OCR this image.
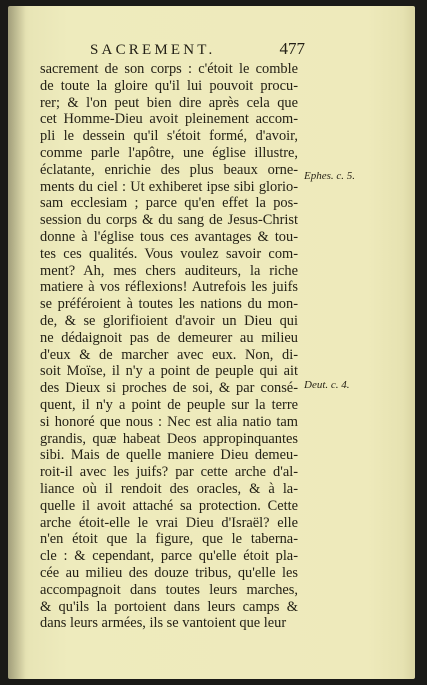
SACREMENT.	477
sacrement de son corps : c'étoit le comble
de toute la gloire qu'il lui pouvoit procu-
rer; & l'on peut bien dire après cela que
cet Homme-Dieu avoit pleinement accom-
pli le dessein qu'il s'étoit formé, d'avoir,
comme parle l'apôtre, une église illustre,
éclatante, enrichie des plus beaux orne-
ments du ciel : Ut exhiberet ipse sibi glorio-
sam ecclesiam ; parce qu'en effet la pos-
session du corps & du sang de Jesus-Christ
donne à l'église tous ces avantages & tou-
tes ces qualités. Vous voulez savoir com-
ment? Ah, mes chers auditeurs, la riche
matiere à vos réflexions! Autrefois les juifs
se préféroient à toutes les nations du mon-
de, & se glorifioient d'avoir un Dieu qui
ne dédaignoit pas de demeurer au milieu
d'eux & de marcher avec eux. Non, di-
soit Moïse, il n'y a point de peuple qui ait
des Dieux si proches de soi, & par consé-
quent, il n'y a point de peuple sur la terre
si honoré que nous : Nec est alia natio tam
grandis, quæ habeat Deos appropinquantes
sibi. Mais de quelle maniere Dieu demeu-
roit-il avec les juifs? par cette arche d'al-
liance où il rendoit des oracles, & à la-
quelle il avoit attaché sa protection. Cette
arche étoit-elle le vrai Dieu d'Israël? elle
n'en étoit que la figure, que le taberna-
cle : & cependant, parce qu'elle étoit pla-
cée au milieu des douze tribus, qu'elle les
accompagnoit dans toutes leurs marches,
& qu'ils la portoient dans leurs camps &
dans leurs armées, ils se vantoient que leur
Ephes. c. 5.
Deut. c. 4.
